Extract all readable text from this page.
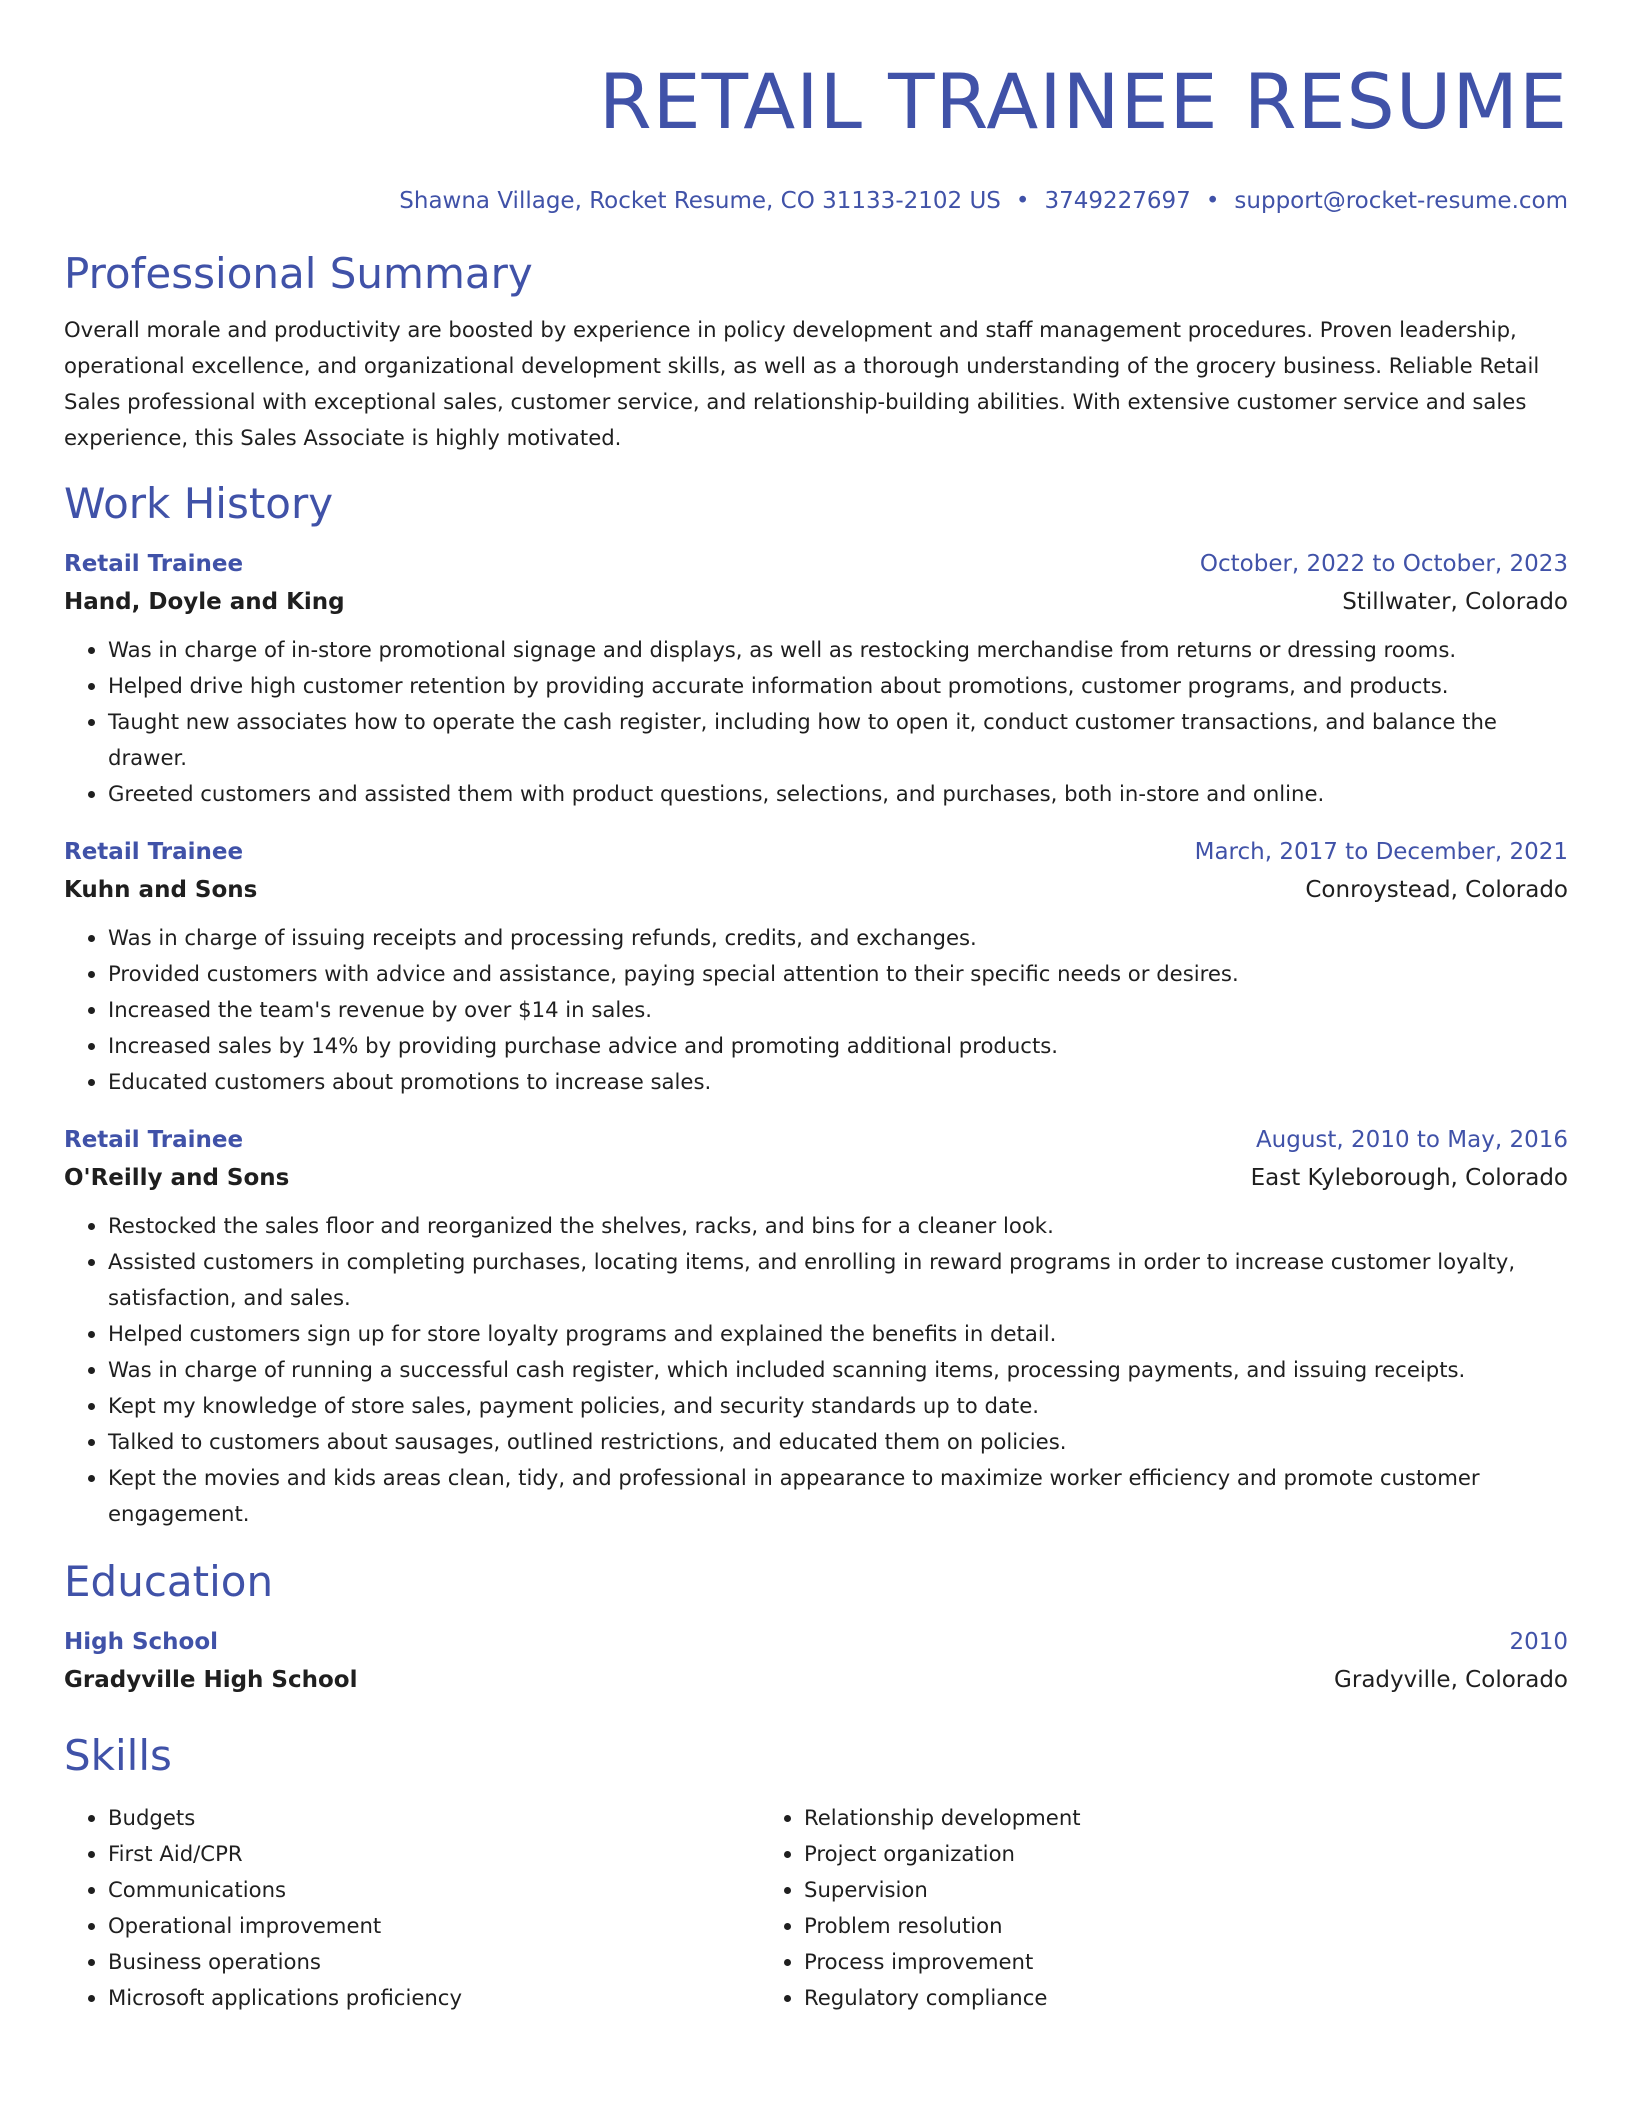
RETAIL TRAINEE RESUME
Shawna Village, Rocket Resume, CO 31133-2102 US • 3749227697 • support@rocket-resume.com
Professional Summary

Overall morale and productivity are boosted by experience in policy development and staff management procedures. Proven leadership, operational excellence, and organizational development skills, as well as a thorough understanding of the grocery business. Reliable Retail Sales professional with exceptional sales, customer service, and relationship-building abilities. With extensive customer service and sales experience, this Sales Associate is highly motivated.

Work History
Retail Trainee	October, 2022 to October, 2023
Hand, Doyle and King	Stillwater, Colorado
• Was in charge of in-store promotional signage and displays, as well as restocking merchandise from returns or dressing rooms.
• Helped drive high customer retention by providing accurate information about promotions, customer programs, and products.
• Taught new associates how to operate the cash register, including how to open it, conduct customer transactions, and balance the drawer.
• Greeted customers and assisted them with product questions, selections, and purchases, both in-store and online.
Retail Trainee	March, 2017 to December, 2021
Kuhn and Sons	Conroystead, Colorado
• Was in charge of issuing receipts and processing refunds, credits, and exchanges.
• Provided customers with advice and assistance, paying special attention to their specific needs or desires.
• Increased the team's revenue by over $14 in sales.
• Increased sales by 14% by providing purchase advice and promoting additional products.
• Educated customers about promotions to increase sales.
Retail Trainee	August, 2010 to May, 2016
O'Reilly and Sons	East Kyleborough, Colorado
• Restocked the sales floor and reorganized the shelves, racks, and bins for a cleaner look.
• Assisted customers in completing purchases, locating items, and enrolling in reward programs in order to increase customer loyalty, satisfaction, and sales.
• Helped customers sign up for store loyalty programs and explained the benefits in detail.
• Was in charge of running a successful cash register, which included scanning items, processing payments, and issuing receipts.
• Kept my knowledge of store sales, payment policies, and security standards up to date.
• Talked to customers about sausages, outlined restrictions, and educated them on policies.
• Kept the movies and kids areas clean, tidy, and professional in appearance to maximize worker efficiency and promote customer engagement.
Education
High School	2010
Gradyville High School	Gradyville, Colorado
Skills
• Budgets
• First Aid/CPR
• Communications
• Operational improvement
• Business operations
• Microsoft applications proficiency
• Relationship development
• Project organization
• Supervision
• Problem resolution
• Process improvement
• Regulatory compliance
